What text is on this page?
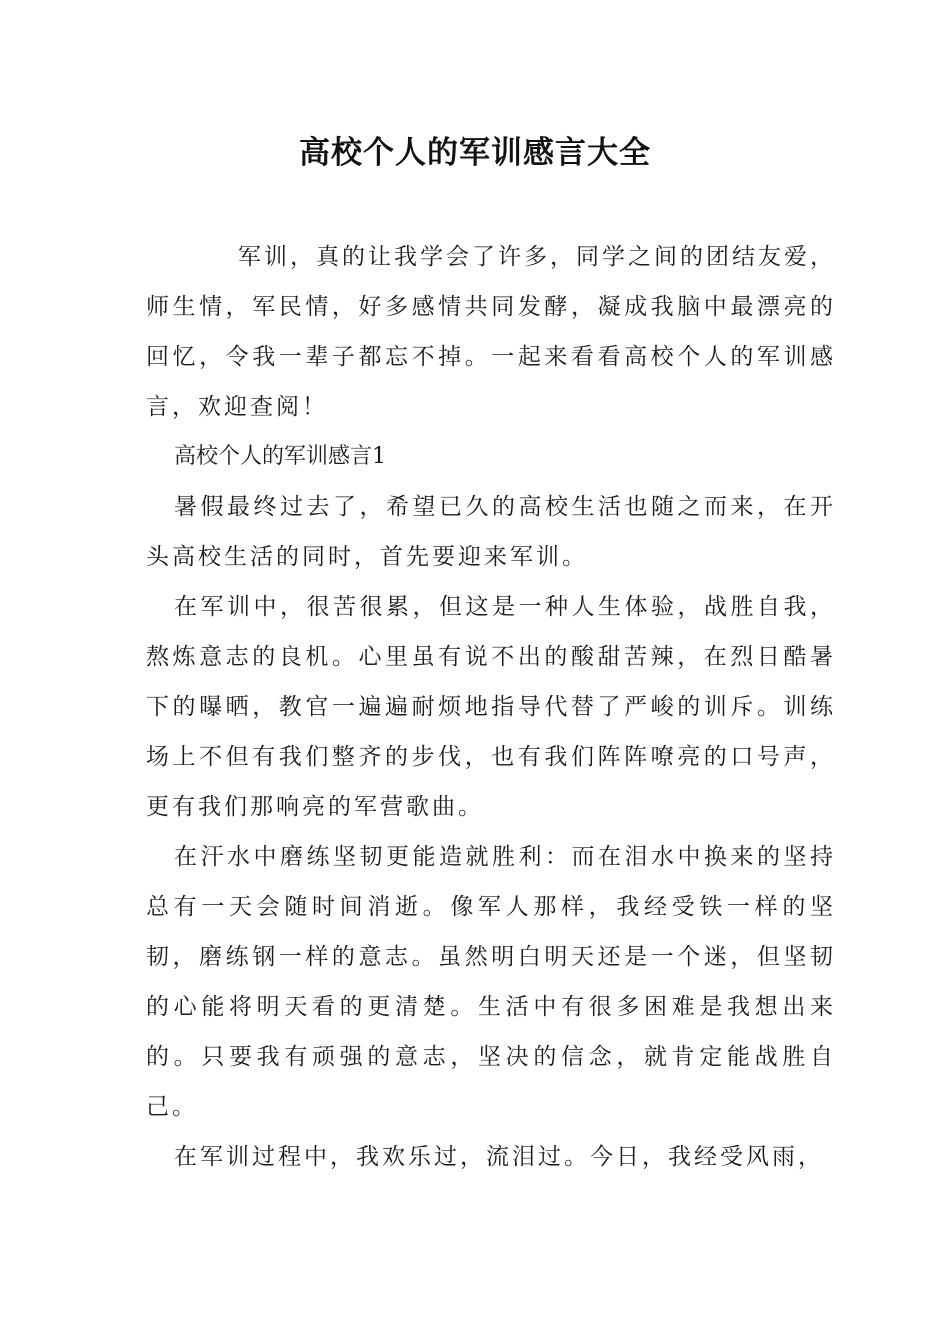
高校个人的军训感言大全

军训，真的让我学会了许多，同学之间的团结友爱，师生情，军民情，好多感情共同发酵，凝成我脑中最漂亮的回忆，令我一辈子都忘不掉。一起来看看高校个人的军训感言，欢迎查阅！

高校个人的军训感言1

暑假最终过去了，希望已久的高校生活也随之而来，在开头高校生活的同时，首先要迎来军训。

在军训中，很苦很累，但这是一种人生体验，战胜自我，熬炼意志的良机。心里虽有说不出的酸甜苦辣，在烈日酷暑下的曝晒，教官一遍遍耐烦地指导代替了严峻的训斥。训练场上不但有我们整齐的步伐，也有我们阵阵嘹亮的口号声，更有我们那响亮的军营歌曲。

在汗水中磨练坚韧更能造就胜利：而在泪水中换来的坚持总有一天会随时间消逝。像军人那样，我经受铁一样的坚韧，磨练钢一样的意志。虽然明白明天还是一个迷，但坚韧的心能将明天看的更清楚。生活中有很多困难是我想出来的。只要我有顽强的意志，坚决的信念，就肯定能战胜自己。

在军训过程中，我欢乐过，流泪过。今日，我经受风雨，
